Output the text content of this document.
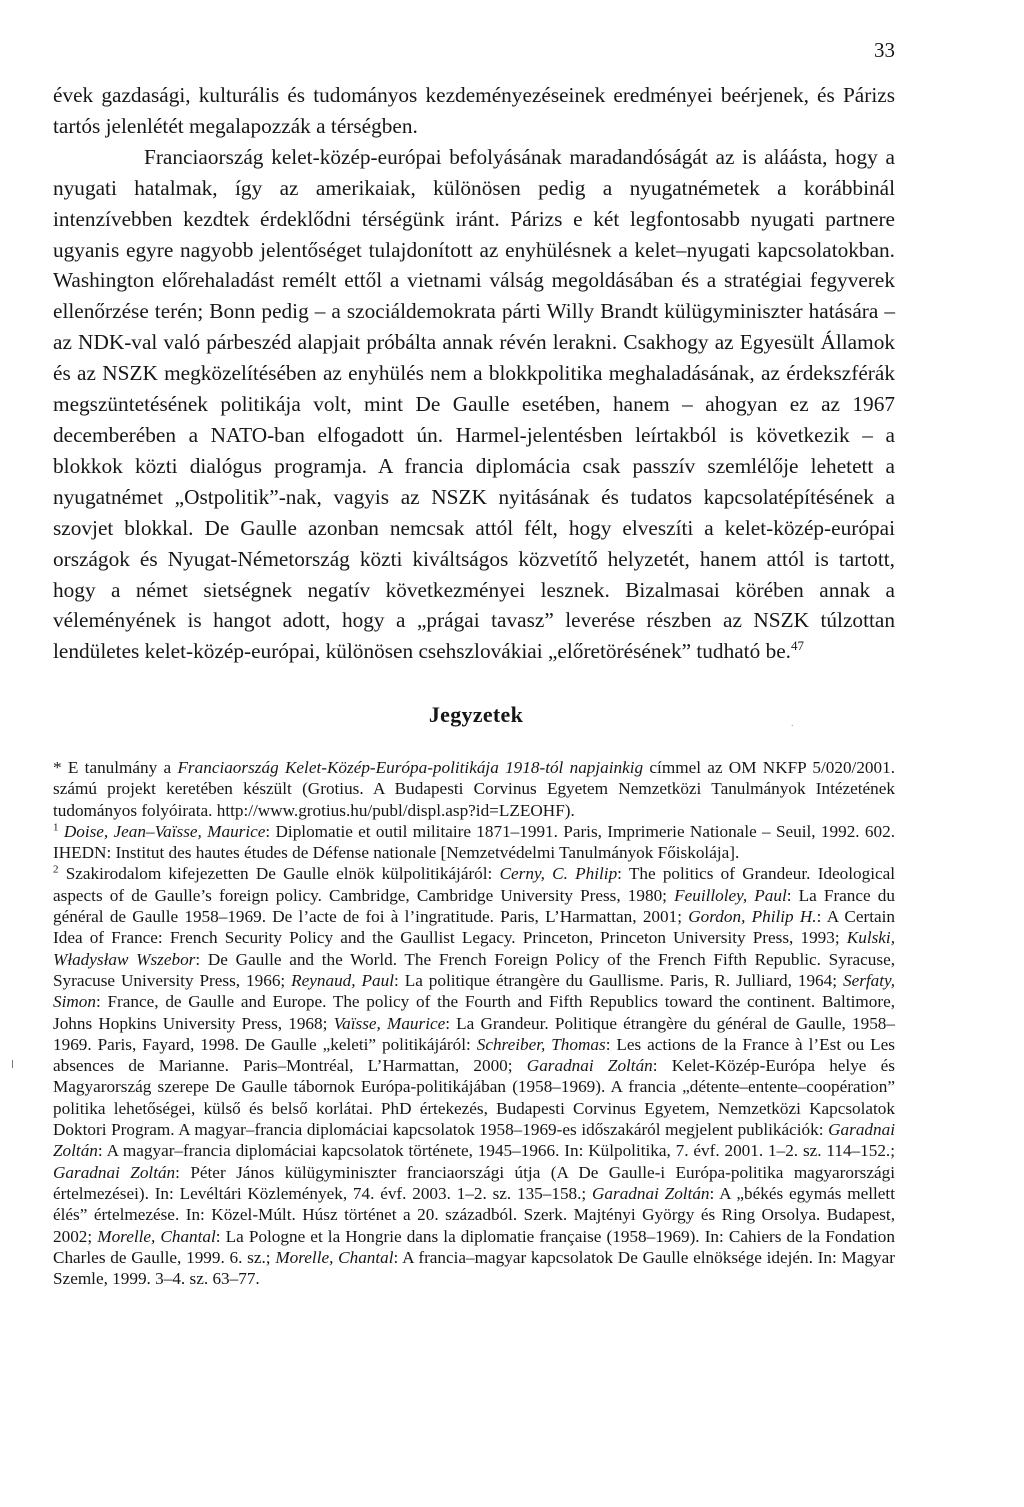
33

évek gazdasági, kulturális és tudományos kezdeményezéseinek eredményei beérjenek, és Párizs tartós jelenlétét megalapozzák a térségben.

Franciaország kelet-közép-európai befolyásának maradandóságát az is aláásta, hogy a nyugati hatalmak, így az amerikaiak, különösen pedig a nyugatnémetek a korábbinál intenzívebben kezdtek érdeklődni térségünk iránt. Párizs e két legfontosabb nyugati partnere ugyanis egyre nagyobb jelentőséget tulajdonított az enyhülésnek a kelet–nyugati kapcsolatokban. Washington előrehaladást remélt ettől a vietnami válság megoldásában és a stratégiai fegyverek ellenőrzése terén; Bonn pedig – a szociáldemokrata párti Willy Brandt külügyminiszter hatására – az NDK-val való párbeszéd alapjait próbálta annak révén lerakni. Csakhogy az Egyesült Államok és az NSZK megközelítésében az enyhülés nem a blokkpolitika meghaladásának, az érdekszférák megszüntetésének politikája volt, mint De Gaulle esetében, hanem – ahogyan ez az 1967 decemberében a NATO-ban elfogadott ún. Harmel-jelentésben leírtakból is következik – a blokkok közti dialógus programja. A francia diplomácia csak passzív szemlélője lehetett a nyugatnémet „Ostpolitik”-nak, vagyis az NSZK nyitásának és tudatos kapcsolatépítésének a szovjet blokkal. De Gaulle azonban nemcsak attól félt, hogy elveszíti a kelet-közép-európai országok és Nyugat-Németország közti kiváltságos közvetítő helyzetét, hanem attól is tartott, hogy a német sietségnek negatív következményei lesznek. Bizalmasai körében annak a véleményének is hangot adott, hogy a „prágai tavasz” leverése részben az NSZK túlzottan lendületes kelet-közép-európai, különösen csehszlovákiai „előretörésének” tudható be.$^{47}$

.
Jegyzetek

* E tanulmány a Franciaország Kelet-Közép-Európa-politikája 1918-tól napjainkig címmel az OM NKFP 5/020/2001. számú projekt keretében készült (Grotius. A Budapesti Corvinus Egyetem Nemzetközi Tanulmányok Intézetének tudományos folyóirata. http://www.grotius.hu/publ/displ.asp?id=LZEOHF).

$^1$ Doise, Jean–Vaïsse, Maurice: Diplomatie et outil militaire 1871–1991. Paris, Imprimerie Nationale – Seuil, 1992. 602. IHEDN: Institut des hautes études de Défense nationale [Nemzetvédelmi Tanulmányok Főiskolája].

$^2$ Szakirodalom kifejezetten De Gaulle elnök külpolitikájáról: Cerny, C. Philip: The politics of Grandeur. Ideological aspects of de Gaulle’s foreign policy. Cambridge, Cambridge University Press, 1980; Feuilloley, Paul: La France du général de Gaulle 1958–1969. De l’acte de foi à l’ingratitude. Paris, L’Harmattan, 2001; Gordon, Philip H.: A Certain Idea of France: French Security Policy and the Gaullist Legacy. Princeton, Princeton University Press, 1993; Kulski, Władysław Wszebor: De Gaulle and the World. The French Foreign Policy of the French Fifth Republic. Syracuse, Syracuse University Press, 1966; Reynaud, Paul: La politique étrangère du Gaullisme. Paris, R. Julliard, 1964; Serfaty, Simon: France, de Gaulle and Europe. The policy of the Fourth and Fifth Republics toward the continent. Baltimore, Johns Hopkins University Press, 1968; Vaïsse, Maurice: La Grandeur. Politique étrangère du général de Gaulle, 1958–1969. Paris, Fayard, 1998. De Gaulle „keleti” politikájáról: Schreiber, Thomas: Les actions de la France à l’Est ou Les absences de Marianne. Paris–Montréal, L’Harmattan, 2000; Garadnai Zoltán: Kelet-Közép-Európa helye és Magyarország szerepe De Gaulle tábornok Európa-politikájában (1958–1969). A francia „détente–entente–coopération” politika lehetőségei, külső és belső korlátai. PhD értekezés, Budapesti Corvinus Egyetem, Nemzetközi Kapcsolatok Doktori Program. A magyar–francia diplomáciai kapcsolatok 1958–1969-es időszakáról megjelent publikációk: Garadnai Zoltán: A magyar–francia diplomáciai kapcsolatok története, 1945–1966. In: Külpolitika, 7. évf. 2001. 1–2. sz. 114–152.; Garadnai Zoltán: Péter János külügyminiszter franciaországi útja (A De Gaulle-i Európa-politika magyarországi értelmezései). In: Levéltári Közlemények, 74. évf. 2003. 1–2. sz. 135–158.; Garadnai Zoltán: A „békés egymás mellett élés” értelmezése. In: Közel-Múlt. Húsz történet a 20. századból. Szerk. Majtényi György és Ring Orsolya. Budapest, 2002; Morelle, Chantal: La Pologne et la Hongrie dans la diplomatie française (1958–1969). In: Cahiers de la Fondation Charles de Gaulle, 1999. 6. sz.; Morelle, Chantal: A francia–magyar kapcsolatok De Gaulle elnöksége idején. In: Magyar Szemle, 1999. 3–4. sz. 63–77.
